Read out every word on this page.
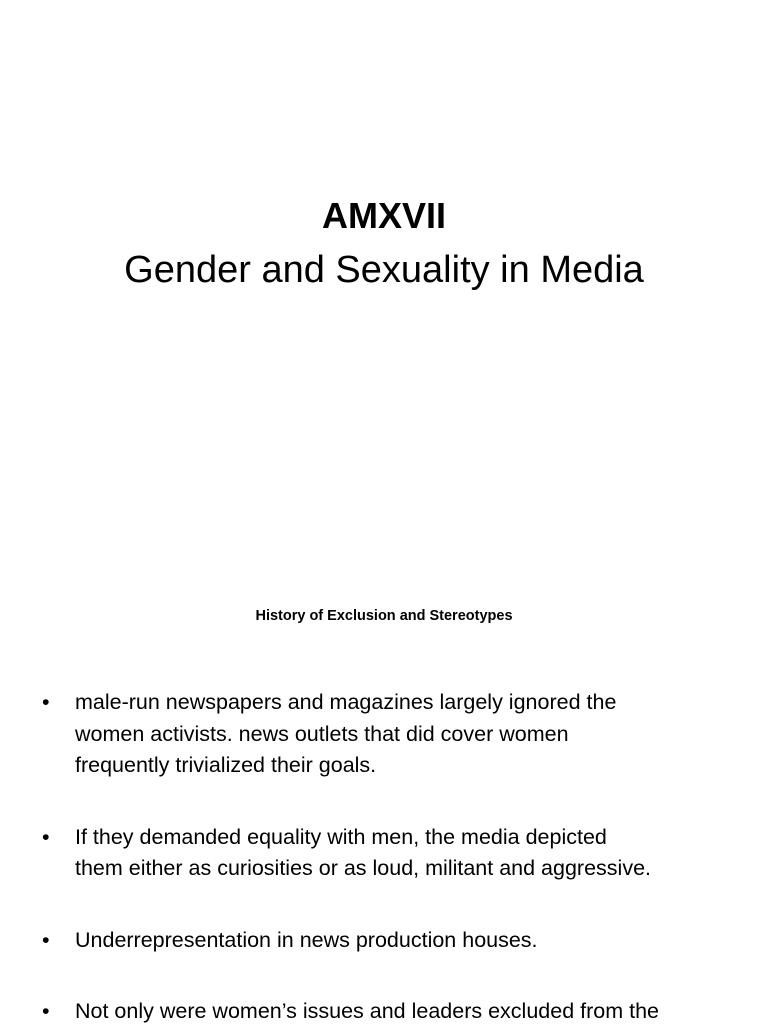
AMXVII
Gender and Sexuality in Media
History of Exclusion and Stereotypes
•	male-run newspapers and magazines largely ignored the
women activists. news outlets that did cover women
frequently trivialized their goals.
•	If they demanded equality with men, the media depicted
them either as curiosities or as loud, militant and aggressive.
•	Underrepresentation in news production houses.
•	Not only were women’s issues and leaders excluded from the
